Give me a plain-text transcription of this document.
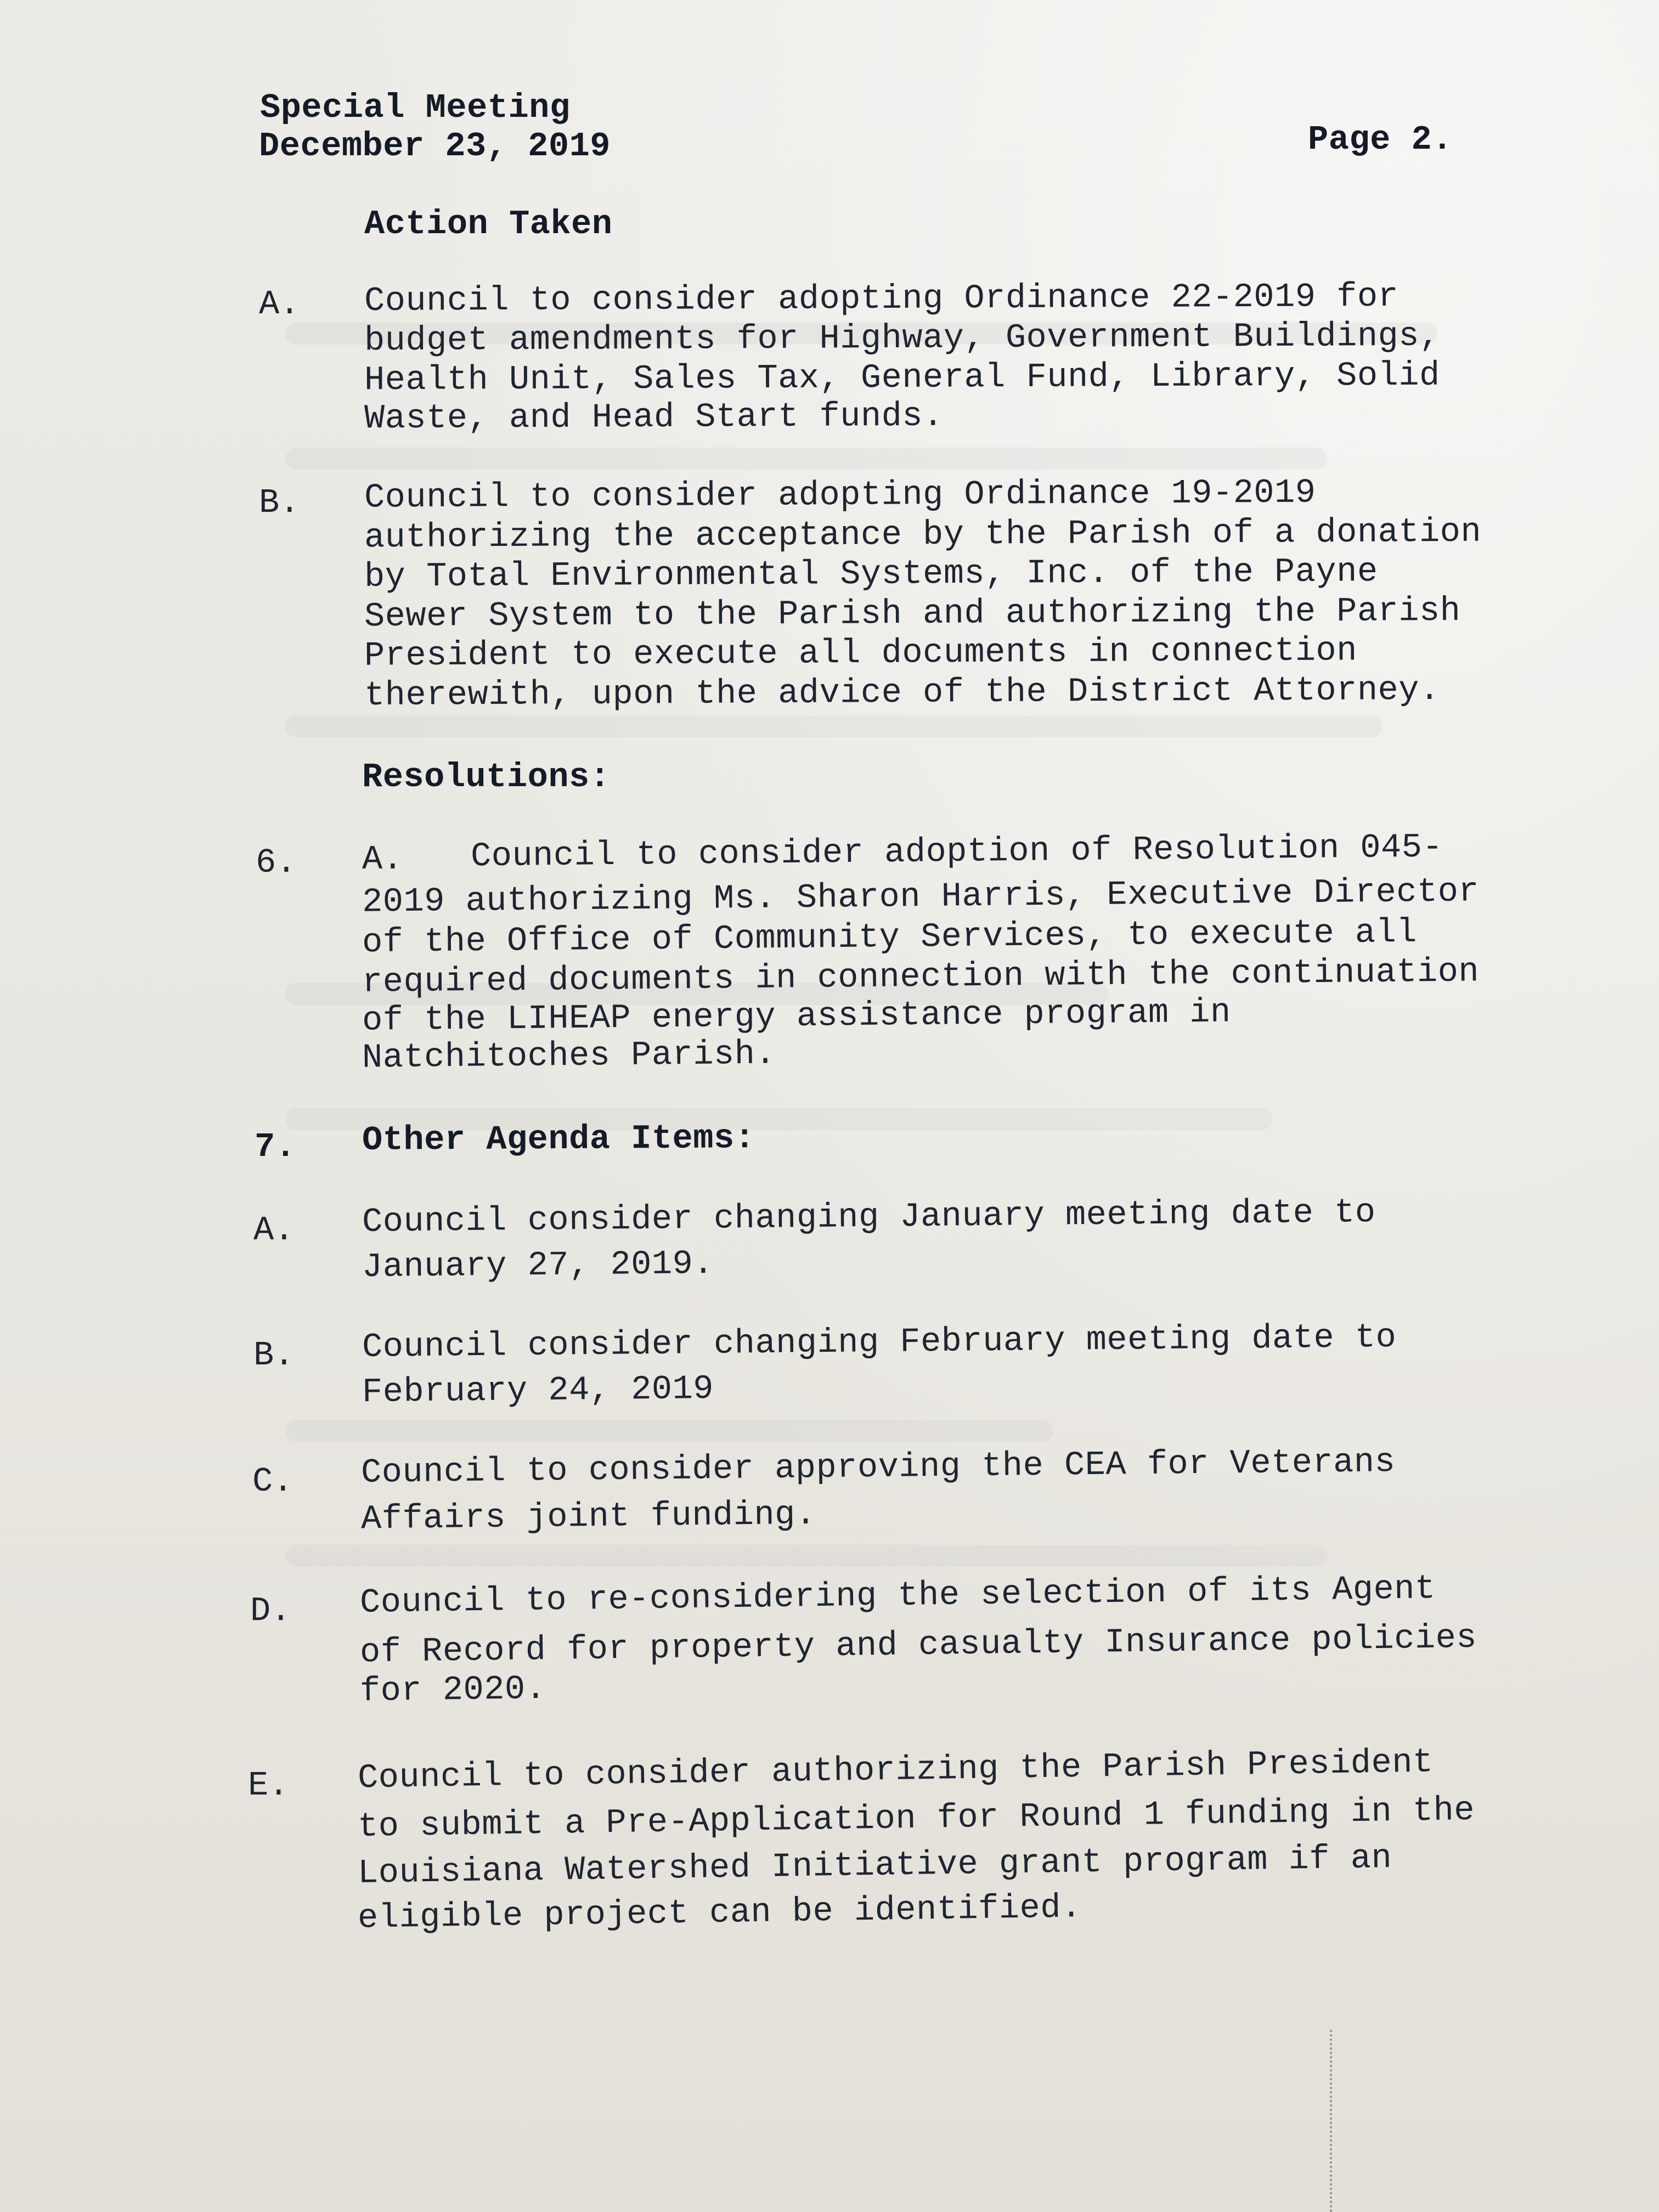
Special Meeting
December 23, 2019	Page 2.
Action Taken
A. Council to consider adopting Ordinance 22-2019 for
budget amendments for Highway, Government Buildings,
Health Unit, Sales Tax, General Fund, Library, Solid
Waste, and Head Start funds.
B. Council to consider adopting Ordinance 19-2019
authorizing the acceptance by the Parish of a donation
by Total Environmental Systems, Inc. of the Payne
Sewer System to the Parish and authorizing the Parish
President to execute all documents in connection
therewith, upon the advice of the District Attorney.
Resolutions:
6. A. Council to consider adoption of Resolution 045-
2019 authorizing Ms. Sharon Harris, Executive Director
of the Office of Community Services, to execute all
required documents in connection with the continuation
of the LIHEAP energy assistance program in
Natchitoches Parish.
7. Other Agenda Items:
A. Council consider changing January meeting date to
January 27, 2019.
B. Council consider changing February meeting date to
February 24, 2019
C. Council to consider approving the CEA for Veterans
Affairs joint funding.
D. Council to re-considering the selection of its Agent
of Record for property and casualty Insurance policies
for 2020.
E. Council to consider authorizing the Parish President
to submit a Pre-Application for Round 1 funding in the
Louisiana Watershed Initiative grant program if an
eligible project can be identified.
